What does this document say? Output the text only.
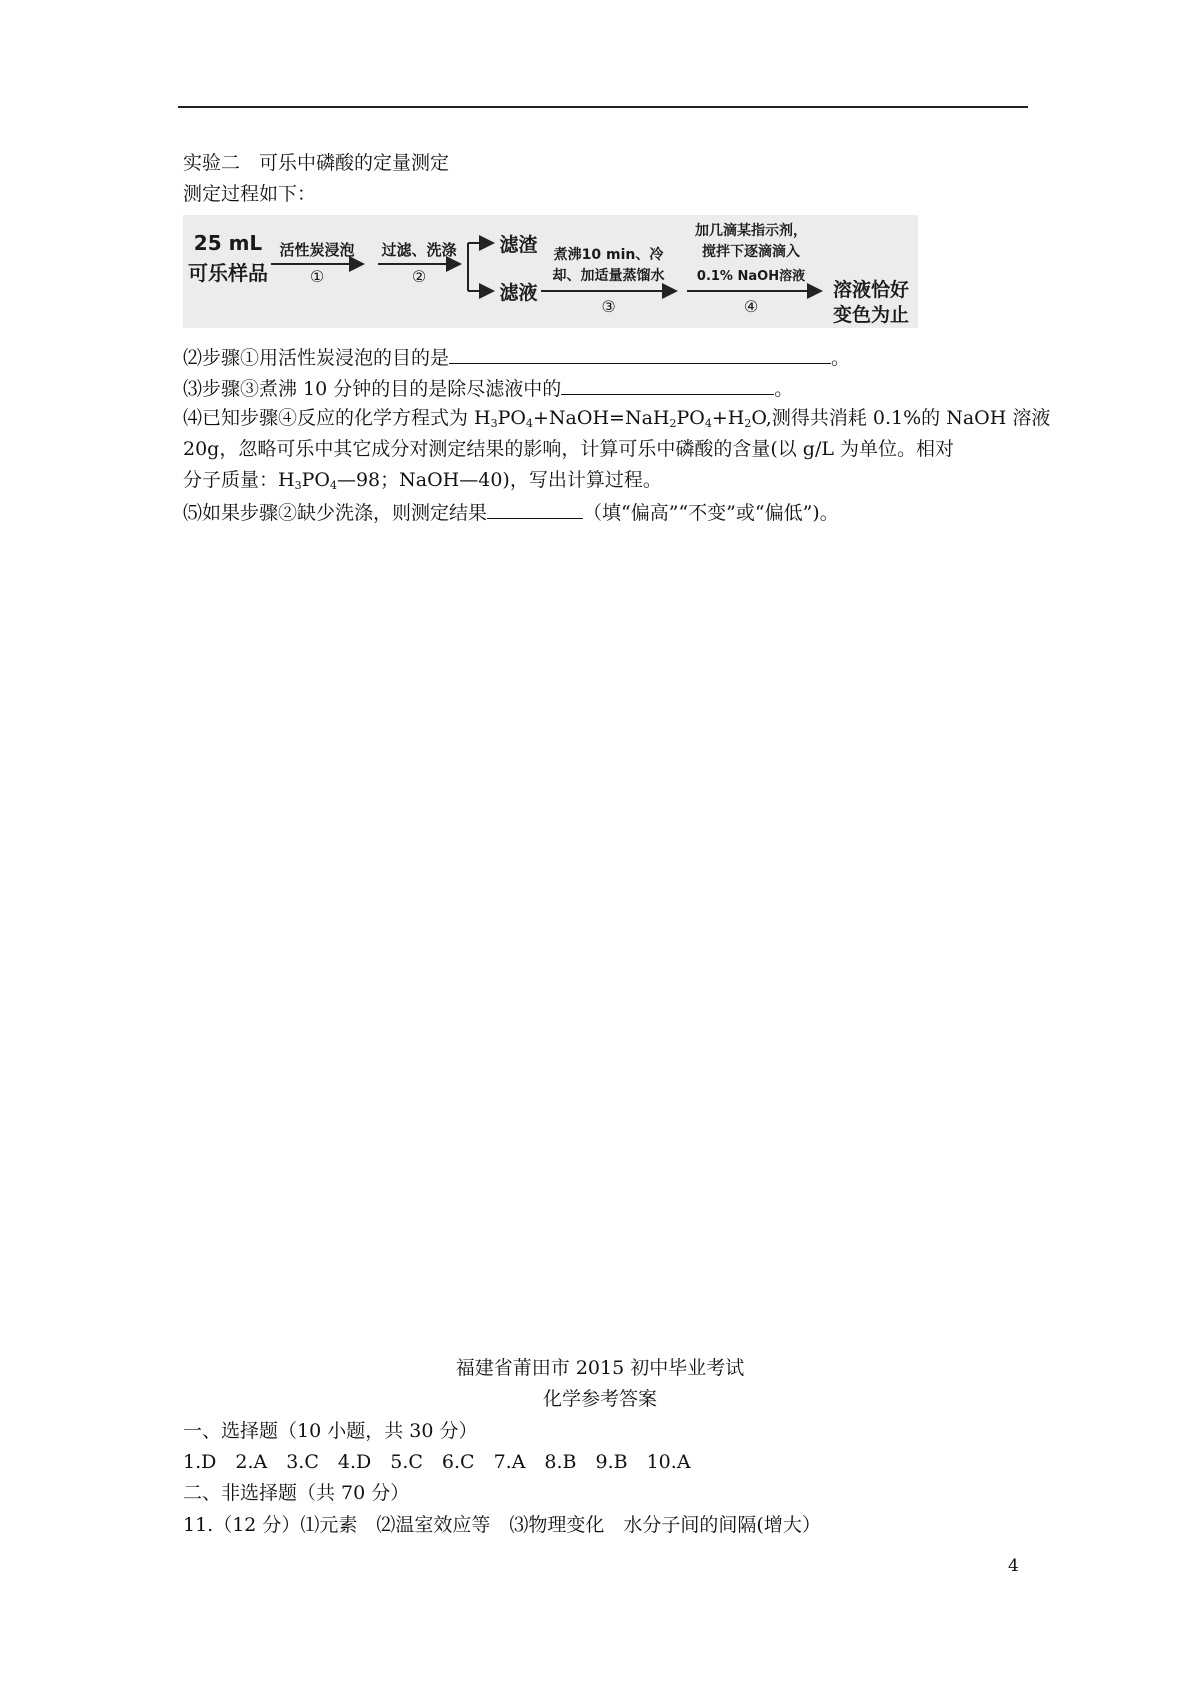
实验二　可乐中磷酸的定量测定
测定过程如下：
25 mL
可乐样品
活性炭浸泡
①
过滤、洗涤
②
滤渣
滤液
煮沸10 min、冷
却、加适量蒸馏水
③
加几滴某指示剂，
搅拌下逐滴滴入
0.1% NaOH溶液
④
溶液恰好
变色为止
⑵步骤①用活性炭浸泡的目的是	。
⑶步骤③煮沸 10 分钟的目的是除尽滤液中的	。
⑷已知步骤④反应的化学方程式为 $H_3PO_4+NaOH=NaH_2PO_4+H_2O$,测得共消耗 0.1%的 NaOH 溶液
20g，忽略可乐中其它成分对测定结果的影响，计算可乐中磷酸的含量(以 g/L 为单位。相对
分子质量：$H_3PO_4—98$；NaOH—40)，写出计算过程。
⑸如果步骤②缺少洗涤，则测定结果	（填“偏高”“不变”或“偏低”)。
福建省莆田市 2015 初中毕业考试
化学参考答案
一、选择题（10 小题，共 30 分）
1.D　2.A　3.C　4.D　5.C　6.C　7.A　8.B　9.B　10.A
二、非选择题（共 70 分）
11.（12 分）⑴元素　⑵温室效应等　⑶物理变化　水分子间的间隔(增大）
4
